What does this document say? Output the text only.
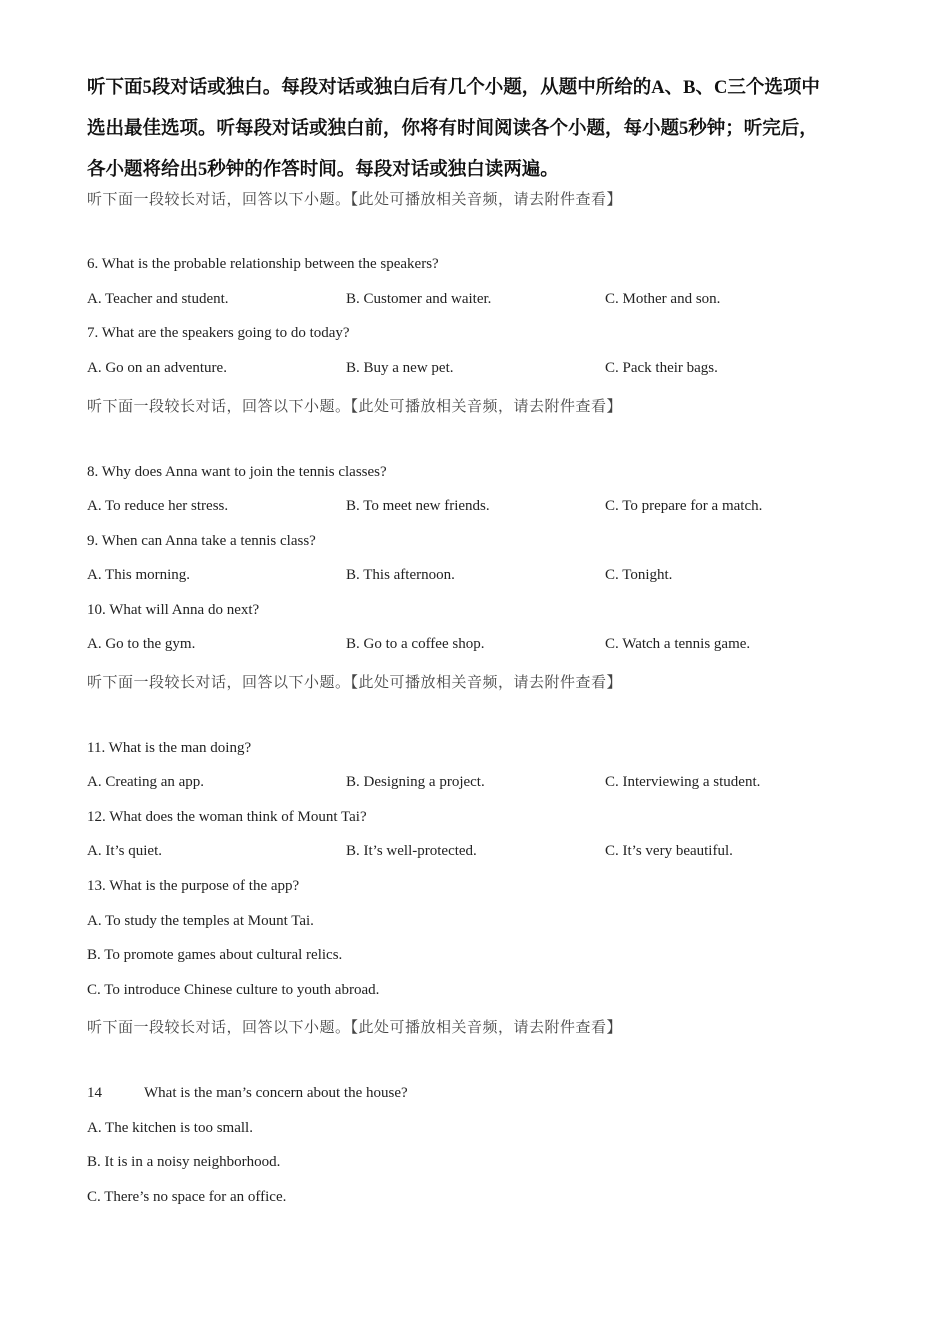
听下面5段对话或独白。每段对话或独白后有几个小题，从题中所给的A、B、C三个选项中

选出最佳选项。听每段对话或独白前，你将有时间阅读各个小题，每小题5秒钟；听完后，

各小题将给出5秒钟的作答时间。每段对话或独白读两遍。

听下面一段较长对话，回答以下小题。【此处可播放相关音频，请去附件查看】
6. What is the probable relationship between the speakers?
A. Teacher and student.	B. Customer and waiter.	C. Mother and son.
7. What are the speakers going to do today?
A. Go on an adventure.	B. Buy a new pet.	C. Pack their bags.
听下面一段较长对话，回答以下小题。【此处可播放相关音频，请去附件查看】
8. Why does Anna want to join the tennis classes?
A. To reduce her stress.	B. To meet new friends.	C. To prepare for a match.
9. When can Anna take a tennis class?
A. This morning.	B. This afternoon.	C. Tonight.
10. What will Anna do next?
A. Go to the gym.	B. Go to a coffee shop.	C. Watch a tennis game.
听下面一段较长对话，回答以下小题。【此处可播放相关音频，请去附件查看】
11. What is the man doing?
A. Creating an app.	B. Designing a project.	C. Interviewing a student.
12. What does the woman think of Mount Tai?
A. It’s quiet.	B. It’s well-protected.	C. It’s very beautiful.
13. What is the purpose of the app?
A. To study the temples at Mount Tai.
B. To promote games about cultural relics.
C. To introduce Chinese culture to youth abroad.
听下面一段较长对话，回答以下小题。【此处可播放相关音频，请去附件查看】
14	What is the man’s concern about the house?
A. The kitchen is too small.
B. It is in a noisy neighborhood.
C. There’s no space for an office.
